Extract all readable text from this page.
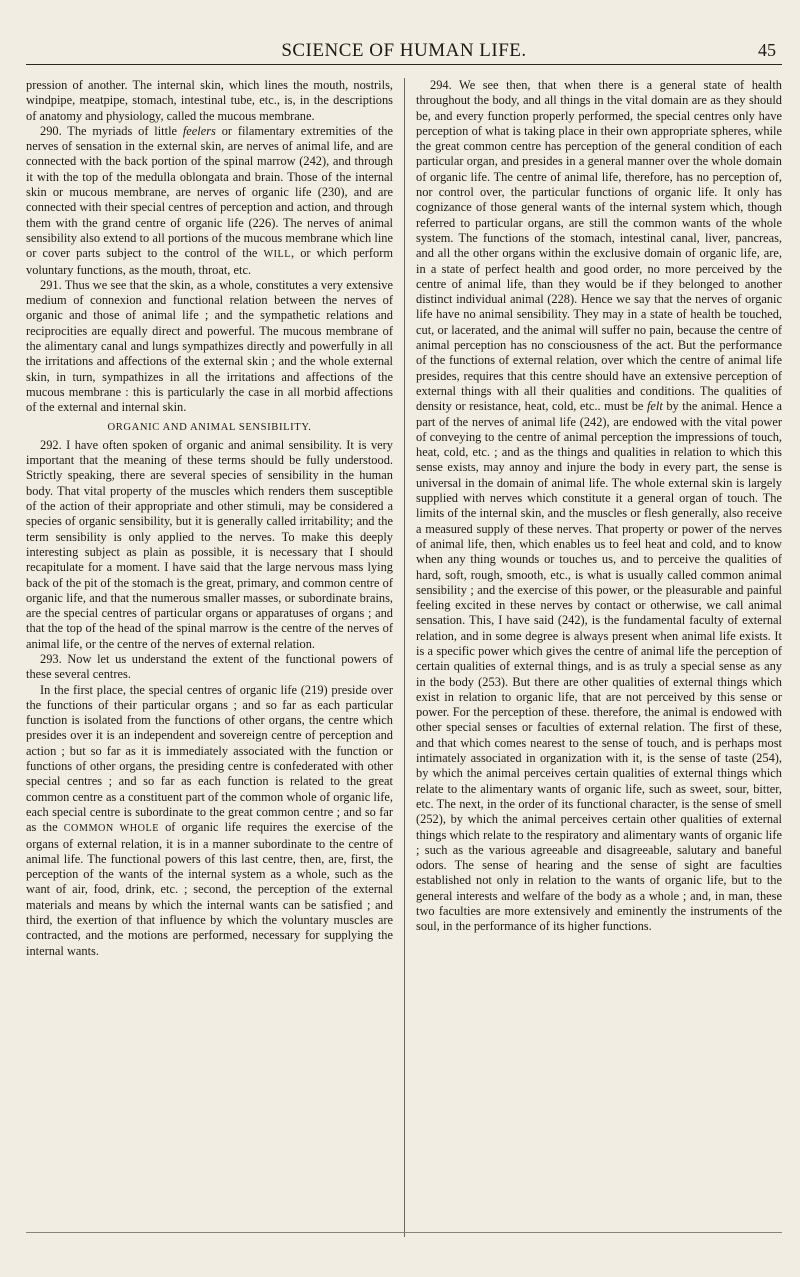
SCIENCE OF HUMAN LIFE.	45

pression of another. The internal skin, which lines the mouth, nostrils, windpipe, meatpipe, stomach, intestinal tube, etc., is, in the descriptions of anatomy and physiology, called the mucous membrane.

290. The myriads of little feelers or filamentary extremities of the nerves of sensation in the external skin, are nerves of animal life, and are connected with the back portion of the spinal marrow (242), and through it with the top of the medulla oblongata and brain. Those of the internal skin or mucous membrane, are nerves of organic life (230), and are connected with their special centres of perception and action, and through them with the grand centre of organic life (226). The nerves of animal sensibility also extend to all portions of the mucous membrane which line or cover parts subject to the control of the WILL, or which perform voluntary functions, as the mouth, throat, etc.

291. Thus we see that the skin, as a whole, constitutes a very extensive medium of connexion and functional relation between the nerves of organic and those of animal life ; and the sympathetic relations and reciprocities are equally direct and powerful. The mucous membrane of the alimentary canal and lungs sympathizes directly and powerfully in all the irritations and affections of the external skin ; and the whole external skin, in turn, sympathizes in all the irritations and affections of the mucous membrane : this is particularly the case in all morbid affections of the external and internal skin.

ORGANIC AND ANIMAL SENSIBILITY.

292. I have often spoken of organic and animal sensibility. It is very important that the meaning of these terms should be fully understood. Strictly speaking, there are several species of sensibility in the human body. That vital property of the muscles which renders them susceptible of the action of their appropriate and other stimuli, may be considered a species of organic sensibility, but it is generally called irritability; and the term sensibility is only applied to the nerves. To make this deeply interesting subject as plain as possible, it is necessary that I should recapitulate for a moment. I have said that the large nervous mass lying back of the pit of the stomach is the great, primary, and common centre of organic life, and that the numerous smaller masses, or subordinate brains, are the special centres of particular organs or apparatuses of organs ; and that the top of the head of the spinal marrow is the centre of the nerves of animal life, or the centre of the nerves of external relation.

293. Now let us understand the extent of the functional powers of these several centres.

In the first place, the special centres of organic life (219) preside over the functions of their particular organs ; and so far as each particular function is isolated from the functions of other organs, the centre which presides over it is an independent and sovereign centre of perception and action ; but so far as it is immediately associated with the function or functions of other organs, the presiding centre is confederated with other special centres ; and so far as each function is related to the great common centre as a constituent part of the common whole of organic life, each special centre is subordinate to the great common centre ; and so far as the COMMON WHOLE of organic life requires the exercise of the organs of external relation, it is in a manner subordinate to the centre of animal life. The functional powers of this last centre, then, are, first, the perception of the wants of the internal system as a whole, such as the want of air, food, drink, etc. ; second, the perception of the external materials and means by which the internal wants can be satisfied ; and third, the exertion of that influence by which the voluntary muscles are contracted, and the motions are performed, necessary for supplying the internal wants.

294. We see then, that when there is a general state of health throughout the body, and all things in the vital domain are as they should be, and every function properly performed, the special centres only have perception of what is taking place in their own appropriate spheres, while the great common centre has perception of the general condition of each particular organ, and presides in a general manner over the whole domain of organic life. The centre of animal life, therefore, has no perception of, nor control over, the particular functions of organic life. It only has cognizance of those general wants of the internal system which, though referred to particular organs, are still the common wants of the whole system. The functions of the stomach, intestinal canal, liver, pancreas, and all the other organs within the exclusive domain of organic life, are, in a state of perfect health and good order, no more perceived by the centre of animal life, than they would be if they belonged to another distinct individual animal (228). Hence we say that the nerves of organic life have no animal sensibility. They may in a state of health be touched, cut, or lacerated, and the animal will suffer no pain, because the centre of animal perception has no consciousness of the act. But the performance of the functions of external relation, over which the centre of animal life presides, requires that this centre should have an extensive perception of external things with all their qualities and conditions. The qualities of density or resistance, heat, cold, etc.. must be felt by the animal. Hence a part of the nerves of animal life (242), are endowed with the vital power of conveying to the centre of animal perception the impressions of touch, heat, cold, etc. ; and as the things and qualities in relation to which this sense exists, may annoy and injure the body in every part, the sense is universal in the domain of animal life. The whole external skin is largely supplied with nerves which constitute it a general organ of touch. The limits of the internal skin, and the muscles or flesh generally, also receive a measured supply of these nerves. That property or power of the nerves of animal life, then, which enables us to feel heat and cold, and to know when any thing wounds or touches us, and to perceive the qualities of hard, soft, rough, smooth, etc., is what is usually called common animal sensibility ; and the exercise of this power, or the pleasurable and painful feeling excited in these nerves by contact or otherwise, we call animal sensation. This, I have said (242), is the fundamental faculty of external relation, and in some degree is always present when animal life exists. It is a specific power which gives the centre of animal life the perception of certain qualities of external things, and is as truly a special sense as any in the body (253). But there are other qualities of external things which exist in relation to organic life, that are not perceived by this sense or power. For the perception of these. therefore, the animal is endowed with other special senses or faculties of external relation. The first of these, and that which comes nearest to the sense of touch, and is perhaps most intimately associated in organization with it, is the sense of taste (254), by which the animal perceives certain qualities of external things which relate to the alimentary wants of organic life, such as sweet, sour, bitter, etc. The next, in the order of its functional character, is the sense of smell (252), by which the animal perceives certain other qualities of external things which relate to the respiratory and alimentary wants of organic life ; such as the various agreeable and disagreeable, salutary and baneful odors. The sense of hearing and the sense of sight are faculties established not only in relation to the wants of organic life, but to the general interests and welfare of the body as a whole ; and, in man, these two faculties are more extensively and eminently the instruments of the soul, in the performance of its higher functions.
